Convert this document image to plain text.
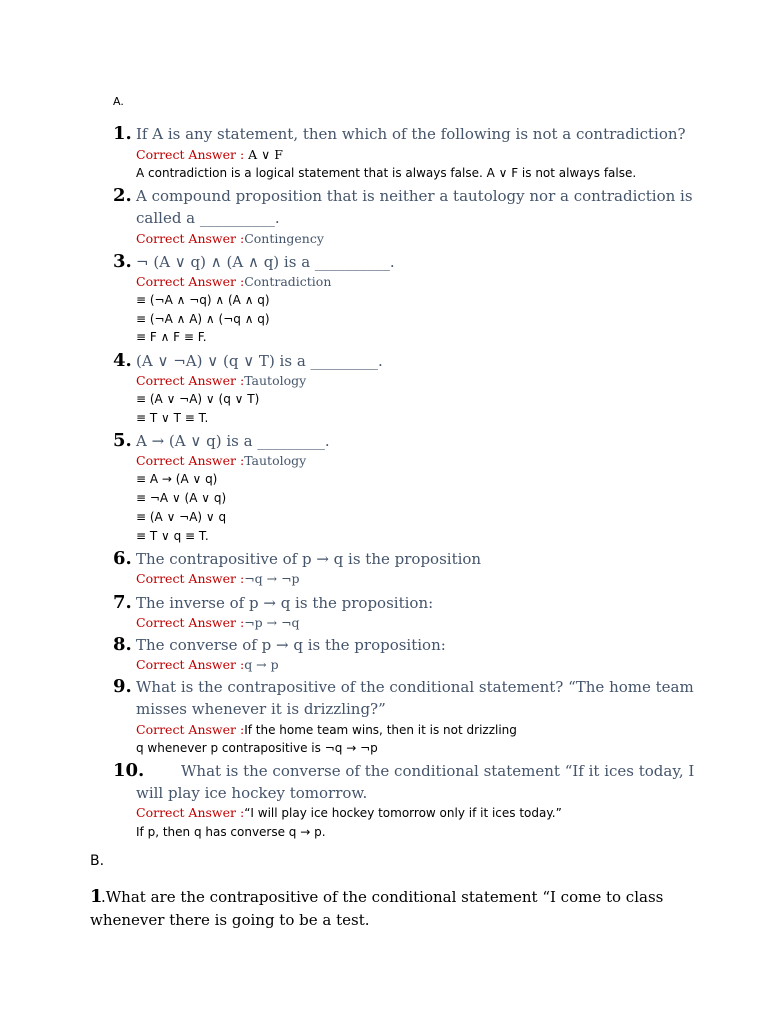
A.
1. If A is any statement, then which of the following is not a contradiction?
Correct Answer : A ∨ F
A contradiction is a logical statement that is always false. A ∨ F is not always false.
2. A compound proposition that is neither a tautology nor a contradiction is
called a __________.
Correct Answer :Contingency
3. ¬ (A ∨ q) ∧ (A ∧ q) is a __________.
Correct Answer :Contradiction
≡ (¬A ∧ ¬q) ∧ (A ∧ q)
≡ (¬A ∧ A) ∧ (¬q ∧ q)
≡ F ∧ F ≡ F.
4. (A ∨ ¬A) ∨ (q ∨ T) is a _________.
Correct Answer :Tautology
≡ (A ∨ ¬A) ∨ (q ∨ T)
≡ T ∨ T ≡ T.
5. A → (A ∨ q) is a _________.
Correct Answer :Tautology
≡ A → (A ∨ q)
≡ ¬A ∨ (A ∨ q)
≡ (A ∨ ¬A) ∨ q
≡ T ∨ q ≡ T.
6. The contrapositive of p → q is the proposition
Correct Answer :¬q → ¬p
7. The inverse of p → q is the proposition:
Correct Answer :¬p → ¬q
8. The converse of p → q is the proposition:
Correct Answer :q → p
9. What is the contrapositive of the conditional statement? “The home team
misses whenever it is drizzling?”
Correct Answer :If the home team wins, then it is not drizzling
q whenever p contrapositive is ¬q → ¬p
10. What is the converse of the conditional statement “If it ices today, I
will play ice hockey tomorrow.
Correct Answer :“I will play ice hockey tomorrow only if it ices today.”
If p, then q has converse q → p.
B.
1
.What are the contrapositive of the conditional statement “I come to class
whenever there is going to be a test.
